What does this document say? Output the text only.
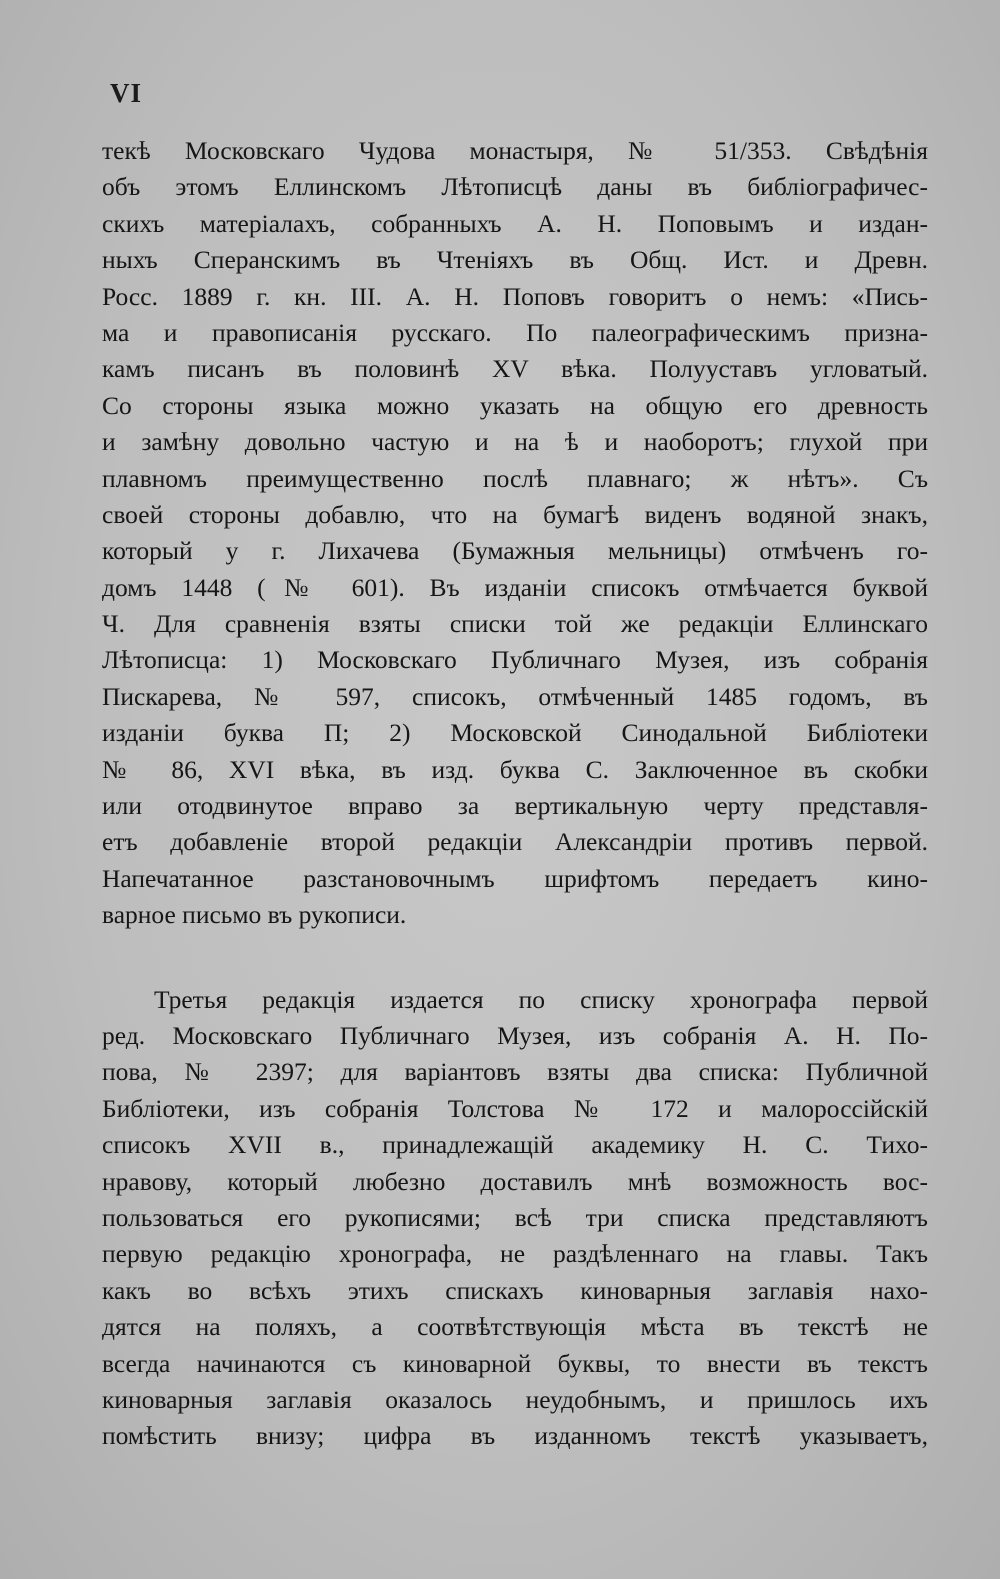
VI
текѣ Московскаго Чудова монастыря, № 51/353. Свѣдѣнія
объ этомъ Еллинскомъ Лѣтописцѣ даны въ библіографичес-
скихъ матеріалахъ, собранныхъ А. Н. Поповымъ и издан-
ныхъ Сперанскимъ въ Чтеніяхъ въ Общ. Ист. и Древн.
Росс. 1889 г. кн. III. А. Н. Поповъ говоритъ о немъ: «Пись-
ма и правописанія русскаго. По палеографическимъ призна-
камъ писанъ въ половинѣ XV вѣка. Полууставъ угловатый.
Со стороны языка можно указать на общую его древность
и замѣну довольно частую и на ѣ и наоборотъ; глухой при
плавномъ преимущественно послѣ плавнаго; ж нѣтъ». Съ
своей стороны добавлю, что на бумагѣ виденъ водяной знакъ,
который у г. Лихачева (Бумажныя мельницы) отмѣченъ го-
домъ 1448 (№ 601). Въ изданіи списокъ отмѣчается буквой
Ч. Для сравненія взяты списки той же редакціи Еллинскаго
Лѣтописца: 1) Московскаго Публичнаго Музея, изъ собранія
Пискарева, № 597, списокъ, отмѣченный 1485 годомъ, въ
изданіи буква П; 2) Московской Синодальной Библіотеки
№ 86, XVI вѣка, въ изд. буква С. Заключенное въ скобки
или отодвинутое вправо за вертикальную черту представля-
етъ добавленіе второй редакціи Александріи противъ первой.
Напечатанное разстановочнымъ шрифтомъ передаетъ кино-
варное письмо въ рукописи.
Третья редакція издается по списку хронографа первой
ред. Московскаго Публичнаго Музея, изъ собранія А. Н. По-
пова, № 2397; для варіантовъ взяты два списка: Публичной
Библіотеки, изъ собранія Толстова № 172 и малороссійскій
списокъ XVII в., принадлежащій академику Н. С. Тихо-
нравову, который любезно доставилъ мнѣ возможность вос-
пользоваться его рукописями; всѣ три списка представляютъ
первую редакцію хронографа, не раздѣленнаго на главы. Такъ
какъ во всѣхъ этихъ спискахъ киноварныя заглавія нахо-
дятся на поляхъ, а соотвѣтствующія мѣста въ текстѣ не
всегда начинаются съ киноварной буквы, то внести въ текстъ
киноварныя заглавія оказалось неудобнымъ, и пришлось ихъ
помѣстить внизу; цифра въ изданномъ текстѣ указываетъ,
